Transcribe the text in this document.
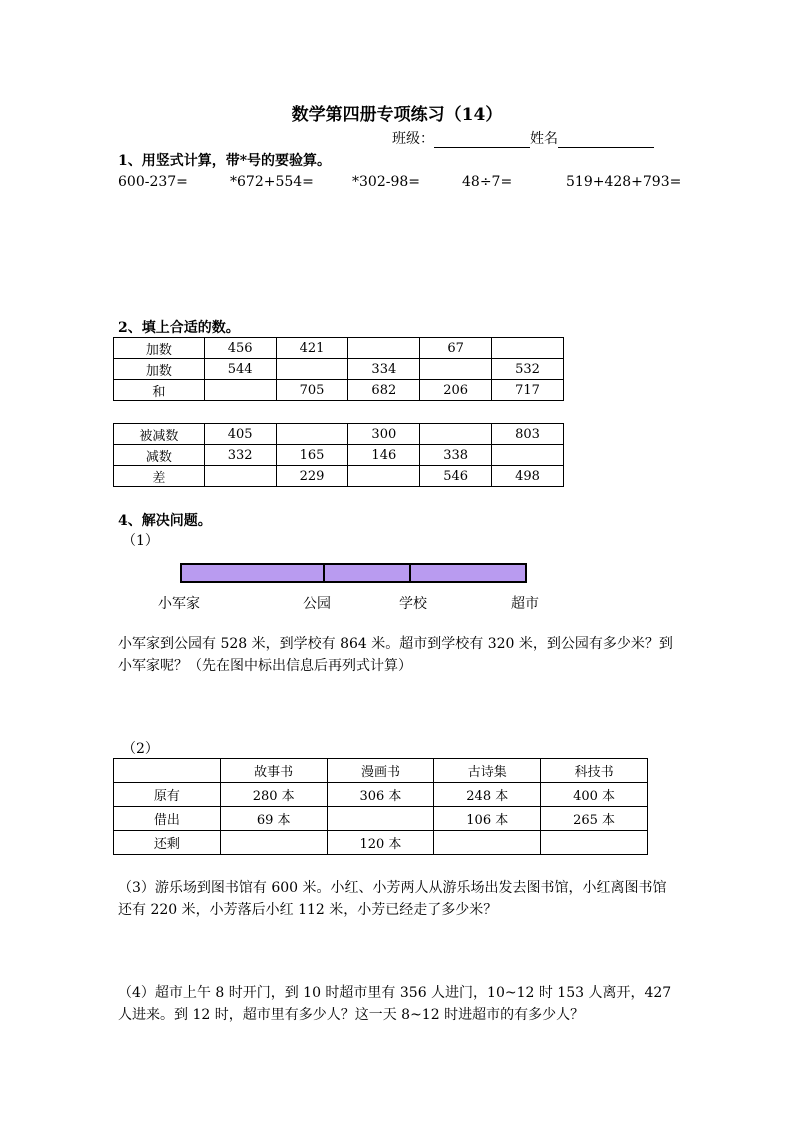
数学第四册专项练习（14）
班级：	姓名
1、用竖式计算，带*号的要验算。
600-237=	*672+554=	*302-98=	48÷7=	519+428+793=
2、填上合适的数。
加数	456	421		67	
加数	544		334		532
和		705	682	206	717
被减数	405		300		803
减数	332	165	146	338	
差		229		546	498
4、解决问题。
（1）
小军家	公园	学校	超市
小军家到公园有 528 米，到学校有 864 米。超市到学校有 320 米，到公园有多少米？到小军家呢？（先在图中标出信息后再列式计算）
（2）
	故事书	漫画书	古诗集	科技书
原有	280 本	306 本	248 本	400 本
借出	69 本		106 本	265 本
还剩		120 本		
（3）游乐场到图书馆有 600 米。小红、小芳两人从游乐场出发去图书馆，小红离图书馆还有 220 米，小芳落后小红 112 米，小芳已经走了多少米？
（4）超市上午 8 时开门，到 10 时超市里有 356 人进门，10~12 时 153 人离开，427 人进来。到 12 时，超市里有多少人？这一天 8~12 时进超市的有多少人？
